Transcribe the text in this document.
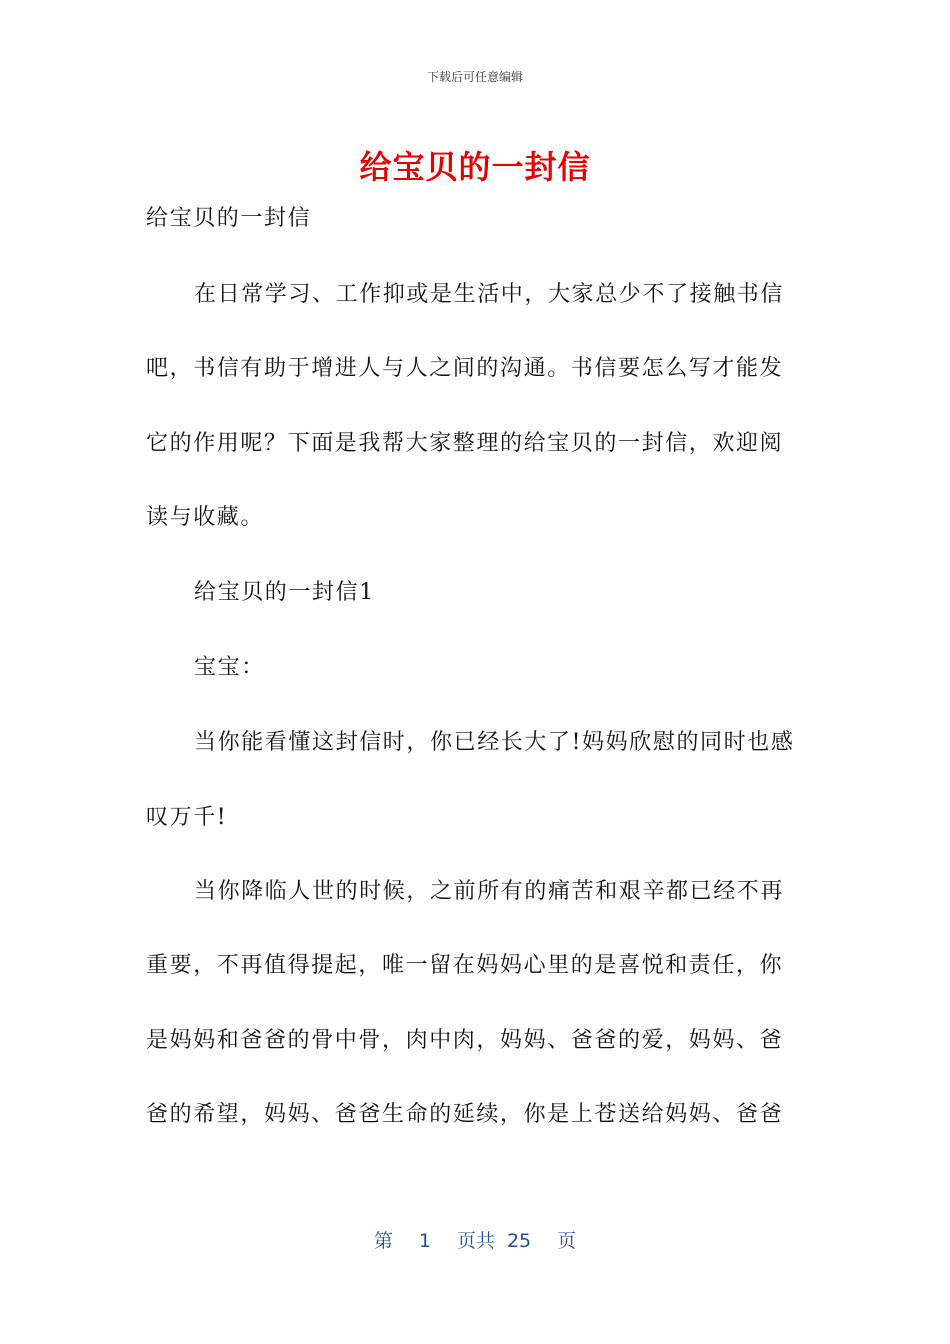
下载后可任意编辑
给宝贝的一封信
给宝贝的一封信
在日常学习、工作抑或是生活中，大家总少不了接触书信
吧，书信有助于增进人与人之间的沟通。书信要怎么写才能发
它的作用呢？下面是我帮大家整理的给宝贝的一封信，欢迎阅
读与收藏。
给宝贝的一封信1
宝宝：
当你能看懂这封信时，你已经长大了!妈妈欣慰的同时也感
叹万千!
当你降临人世的时候，之前所有的痛苦和艰辛都已经不再
重要，不再值得提起，唯一留在妈妈心里的是喜悦和责任，你
是妈妈和爸爸的骨中骨，肉中肉，妈妈、爸爸的爱，妈妈、爸
爸的希望，妈妈、爸爸生命的延续，你是上苍送给妈妈、爸爸
第 1 页共 25 页
